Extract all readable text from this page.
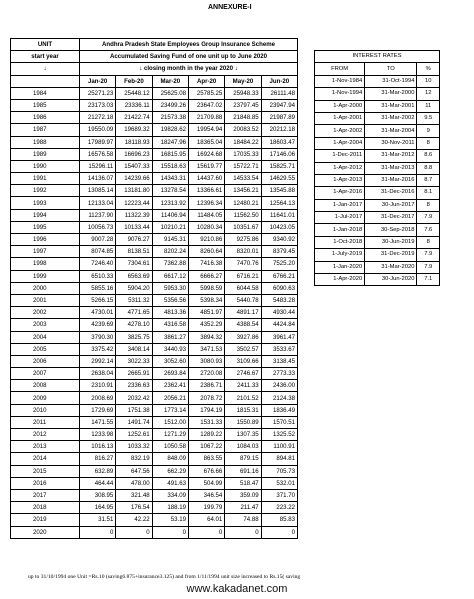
ANNEXURE-I
UNIT	Andhra Pradesh State Employees Group Insurance Scheme					
start year	Accumulated Saving Fund of one unit up to June 2020					
↓	↓ closing month in the year 2020 ↓					
	Jan-20	Feb-20	Mar-20	Apr-20	May-20	Jun-20
1984	25271.23	25448.12	25625.08	25785.25	25948.33	26111.48
1985	23173.03	23336.11	23499.26	23647.02	23797.45	23947.94
1986	21272.18	21422.74	21573.38	21709.88	21848.85	21987.89
1987	19550.09	19689.32	19828.62	19954.94	20083.52	20212.18
1988	17989.97	18118.93	18247.96	18365.04	18484.22	18603.47
1989	16576.58	16696.23	16815.95	16924.68	17035.33	17146.06
1990	15296.11	15407.33	15518.63	15619.77	15722.71	15825.71
1991	14136.07	14239.66	14343.31	14437.60	14533.54	14629.55
1992	13085.14	13181.80	13278.54	13366.61	13456.21	13545.88
1993	12133.04	12223.44	12313.92	12396.34	12480.21	12564.13
1994	11237.90	11322.39	11406.94	11484.05	11562.50	11641.01
1995	10056.73	10133.44	10210.21	10280.34	10351.67	10423.05
1996	9007.28	9076.27	9145.31	9210.86	9275.86	9340.92
1997	8074.85	8138.51	8202.24	8260.64	8320.01	8379.45
1998	7246.40	7304.61	7362.88	7416.38	7470.76	7525.20
1999	6510.33	6563.69	6617.12	6666.27	6716.21	6766.21
2000	5855.16	5904.20	5953.30	5998.59	6044.58	6090.63
2001	5266.15	5311.32	5356.56	5398.34	5440.78	5483.28
2002	4730.01	4771.65	4813.36	4851.97	4891.17	4930.44
2003	4239.69	4278.10	4316.58	4352.29	4388.54	4424.84
2004	3790.30	3825.75	3861.27	3894.32	3927.86	3961.47
2005	3375.42	3408.14	3440.93	3471.53	3502.57	3533.67
2006	2992.14	3022.33	3052.60	3080.93	3109.66	3138.45
2007	2638.04	2665.91	2693.84	2720.08	2746.67	2773.33
2008	2310.91	2336.63	2362.41	2386.71	2411.33	2436.00
2009	2008.69	2032.42	2056.21	2078.72	2101.52	2124.38
2010	1729.69	1751.38	1773.14	1794.19	1815.31	1836.49
2011	1471.55	1491.74	1512.00	1531.33	1550.89	1570.51
2012	1233.98	1252.61	1271.29	1289.22	1307.35	1325.52
2013	1016.13	1033.32	1050.58	1067.22	1084.03	1100.91
2014	816.27	832.19	848.09	863.55	879.15	894.81
2015	632.89	647.56	662.29	676.66	691.16	705.73
2016	464.44	478.00	491.63	504.99	518.47	532.01
2017	308.95	321.48	334.09	346.54	359.09	371.70
2018	164.95	176.54	188.19	199.79	211.47	223.22
2019	31.51	42.22	53.19	64.01	74.88	85.83
2020	0	0	0	0	0	0
INTEREST RATES		
FROM	TO	%
1-Nov-1984	31-Oct-1994	10
1-Nov-1994	31-Mar-2000	12
1-Apr-2000	31-Mar-2001	11
1-Apr-2001	31-Mar-2002	9.5
1-Apr-2002	31-Mar-2004	9
1-Apr-2004	30-Nov-2011	8
1-Dec-2011	31-Mar-2012	8.6
1-Apr-2012	31-Mar-2013	8.8
1-Apr-2013	31-Mar-2016	8.7
1-Apr-2016	31-Dec-2016	8.1
1-Jan-2017	30-Jun-2017	8
1-Jul-2017	31-Dec-2017	7.9
1-Jan-2018	30-Sep-2018	7.6
1-Oct-2018	30-Jun-2019	8
1-July-2019	31-Dec-2019	7.9
1-Jan-2020	31-Mar-2020	7.9
1-Apr-2020	30-Jun-2020	7.1
up to 31/10/1994 one Unit =Rs.10 (saving6.875+insurance3.125) and from 1/11/1994 unit size increased to Rs.15( saving
www.kakadanet.com
